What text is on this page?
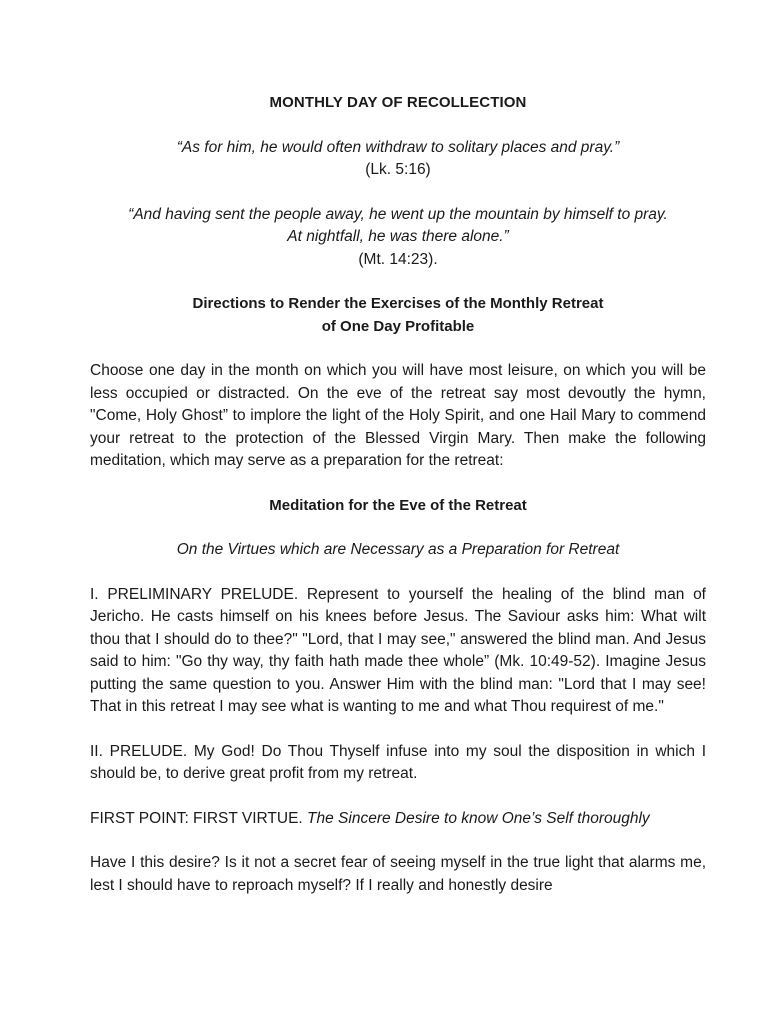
MONTHLY DAY OF RECOLLECTION

“As for him, he would often withdraw to solitary places and pray.”
(Lk. 5:16)

“And having sent the people away, he went up the mountain by himself to pray.
At nightfall, he was there alone.”
(Mt. 14:23).

Directions to Render the Exercises of the Monthly Retreat
of One Day Profitable

Choose one day in the month on which you will have most leisure, on which you will be less occupied or distracted. On the eve of the retreat say most devoutly the hymn, "Come, Holy Ghost” to implore the light of the Holy Spirit, and one Hail Mary to commend your retreat to the protection of the Blessed Virgin Mary. Then make the following meditation, which may serve as a preparation for the retreat:

Meditation for the Eve of the Retreat

On the Virtues which are Necessary as a Preparation for Retreat

I. PRELIMINARY PRELUDE. Represent to yourself the healing of the blind man of Jericho. He casts himself on his knees before Jesus. The Saviour asks him: What wilt thou that I should do to thee?" "Lord, that I may see," answered the blind man. And Jesus said to him: "Go thy way, thy faith hath made thee whole” (Mk. 10:49-52). Imagine Jesus putting the same question to you. Answer Him with the blind man: "Lord that I may see! That in this retreat I may see what is wanting to me and what Thou requirest of me."

II. PRELUDE. My God! Do Thou Thyself infuse into my soul the disposition in which I should be, to derive great profit from my retreat.

FIRST POINT: FIRST VIRTUE. The Sincere Desire to know One’s Self thoroughly

Have I this desire? Is it not a secret fear of seeing myself in the true light that alarms me, lest I should have to reproach myself? If I really and honestly desire
